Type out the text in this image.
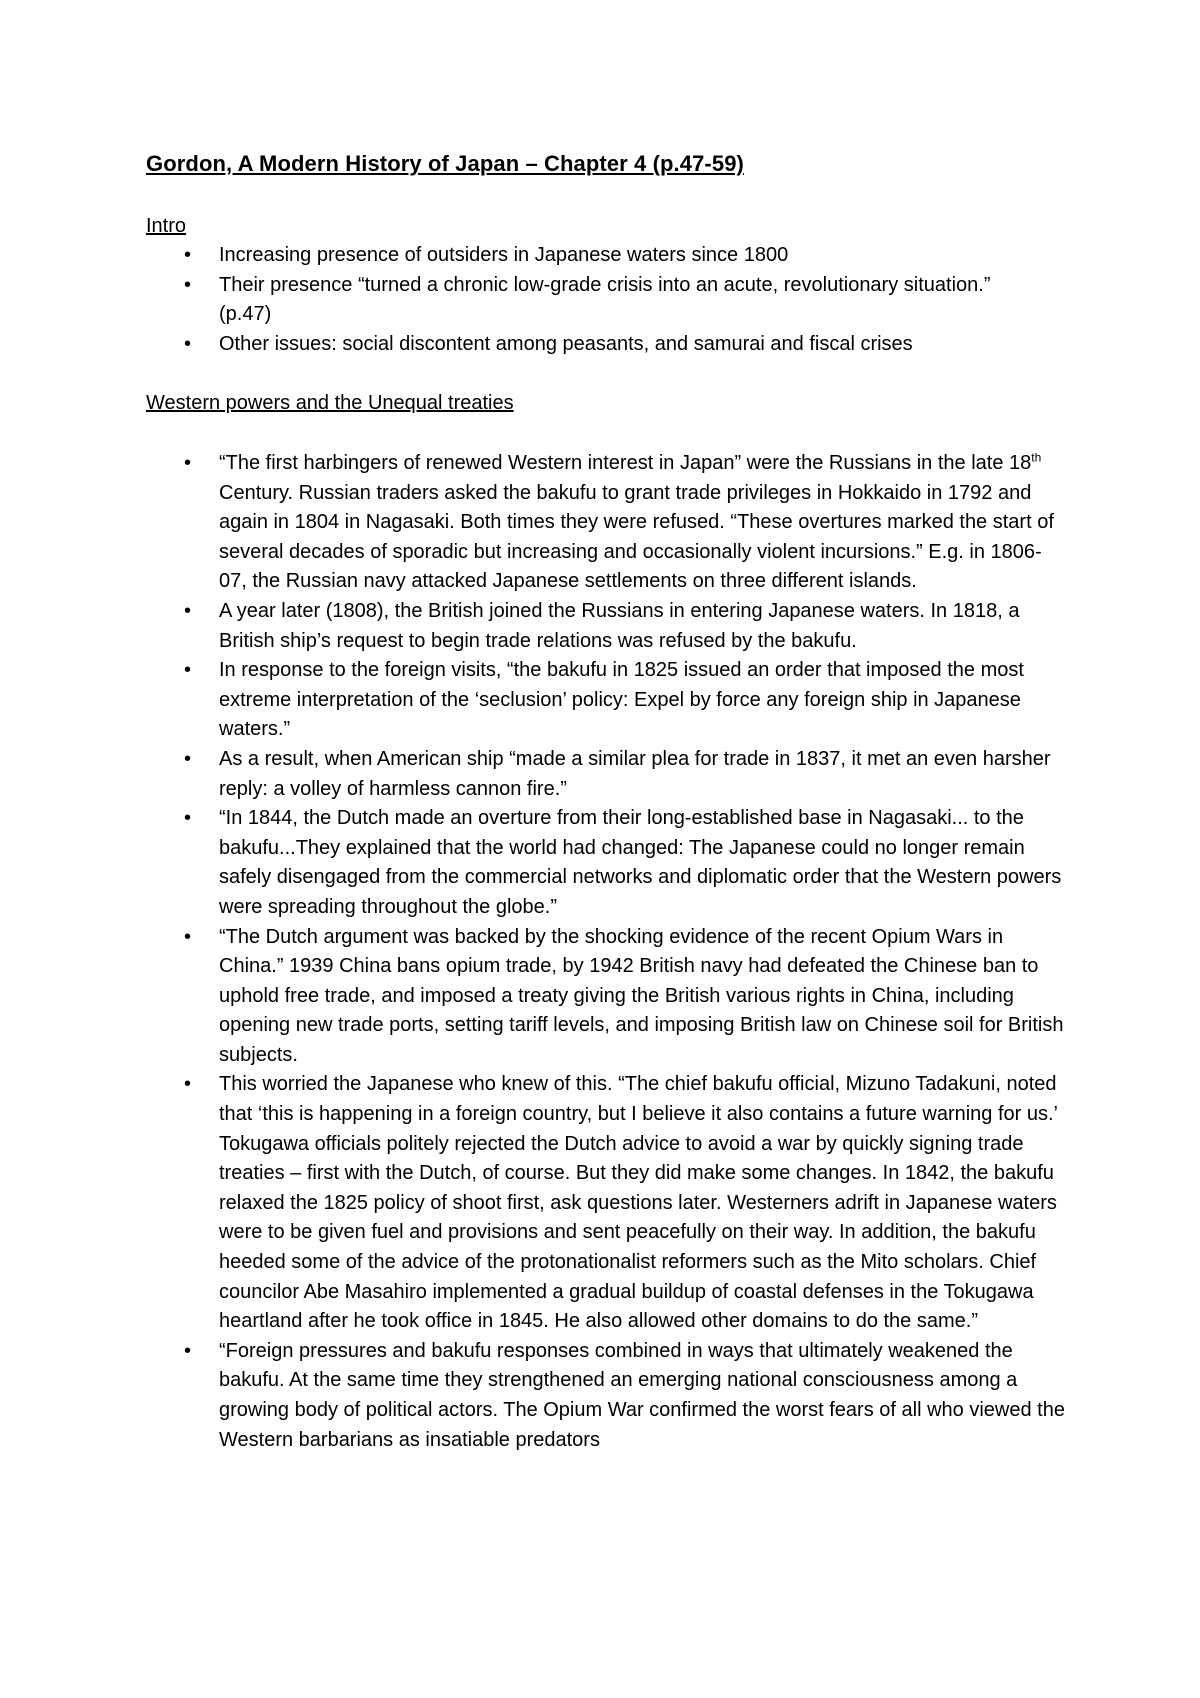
Gordon, A Modern History of Japan – Chapter 4 (p.47-59)
Intro
• Increasing presence of outsiders in Japanese waters since 1800
• Their presence “turned a chronic low-grade crisis into an acute, revolutionary situation.” (p.47)
• Other issues: social discontent among peasants, and samurai and fiscal crises
Western powers and the Unequal treaties
• “The first harbingers of renewed Western interest in Japan” were the Russians in the late 18th Century. Russian traders asked the bakufu to grant trade privileges in Hokkaido in 1792 and again in 1804 in Nagasaki. Both times they were refused. “These overtures marked the start of several decades of sporadic but increasing and occasionally violent incursions.” E.g. in 1806-07, the Russian navy attacked Japanese settlements on three different islands.
• A year later (1808), the British joined the Russians in entering Japanese waters. In 1818, a British ship’s request to begin trade relations was refused by the bakufu.
• In response to the foreign visits, “the bakufu in 1825 issued an order that imposed the most extreme interpretation of the ‘seclusion’ policy: Expel by force any foreign ship in Japanese waters.”
• As a result, when American ship “made a similar plea for trade in 1837, it met an even harsher reply: a volley of harmless cannon fire.”
• “In 1844, the Dutch made an overture from their long-established base in Nagasaki... to the bakufu...They explained that the world had changed: The Japanese could no longer remain safely disengaged from the commercial networks and diplomatic order that the Western powers were spreading throughout the globe.”
• “The Dutch argument was backed by the shocking evidence of the recent Opium Wars in China.” 1939 China bans opium trade, by 1942 British navy had defeated the Chinese ban to uphold free trade, and imposed a treaty giving the British various rights in China, including opening new trade ports, setting tariff levels, and imposing British law on Chinese soil for British subjects.
• This worried the Japanese who knew of this. “The chief bakufu official, Mizuno Tadakuni, noted that ‘this is happening in a foreign country, but I believe it also contains a future warning for us.’ Tokugawa officials politely rejected the Dutch advice to avoid a war by quickly signing trade treaties – first with the Dutch, of course. But they did make some changes. In 1842, the bakufu relaxed the 1825 policy of shoot first, ask questions later. Westerners adrift in Japanese waters were to be given fuel and provisions and sent peacefully on their way. In addition, the bakufu heeded some of the advice of the protonationalist reformers such as the Mito scholars. Chief councilor Abe Masahiro implemented a gradual buildup of coastal defenses in the Tokugawa heartland after he took office in 1845. He also allowed other domains to do the same.”
• “Foreign pressures and bakufu responses combined in ways that ultimately weakened the bakufu. At the same time they strengthened an emerging national consciousness among a growing body of political actors. The Opium War confirmed the worst fears of all who viewed the Western barbarians as insatiable predators
